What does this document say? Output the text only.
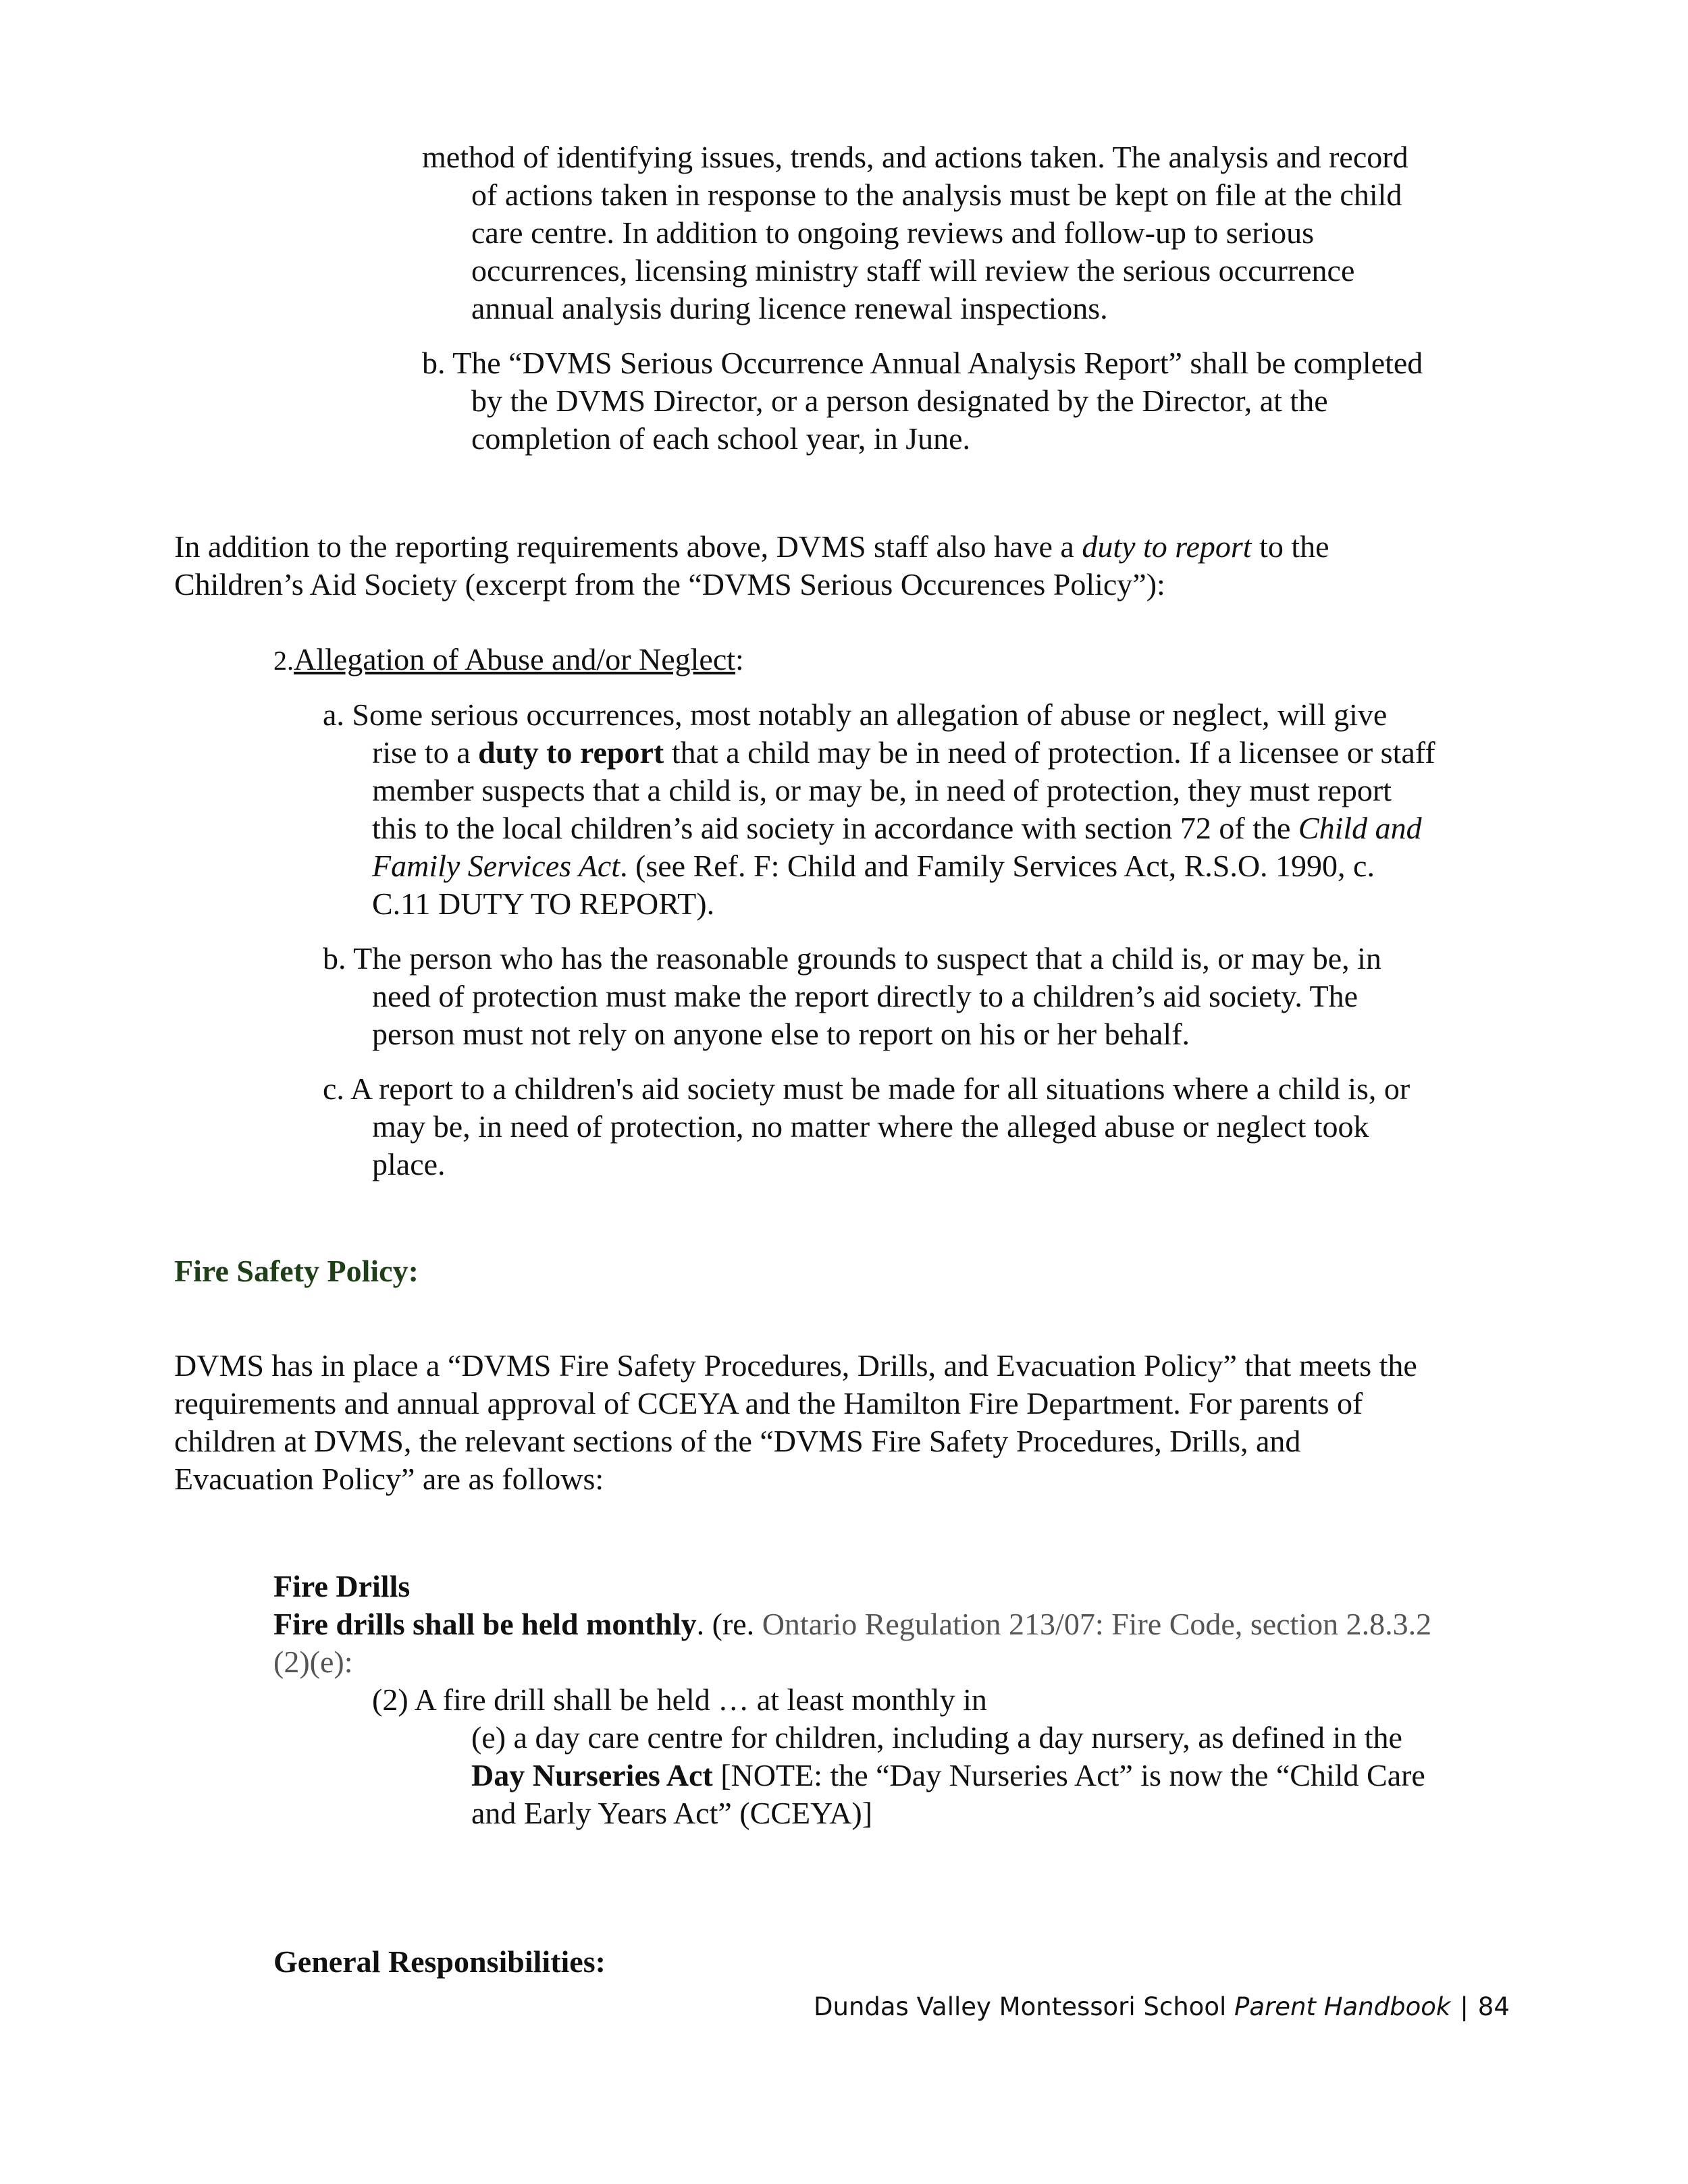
method of identifying issues, trends, and actions taken. The analysis and record

of actions taken in response to the analysis must be kept on file at the child

care centre. In addition to ongoing reviews and follow-up to serious

occurrences, licensing ministry staff will review the serious occurrence

annual analysis during licence renewal inspections.

b. The “DVMS Serious Occurrence Annual Analysis Report” shall be completed

by the DVMS Director, or a person designated by the Director, at the

completion of each school year, in June.

In addition to the reporting requirements above, DVMS staff also have a duty to report to the

Children’s Aid Society (excerpt from the “DVMS Serious Occurences Policy”):

2.Allegation of Abuse and/or Neglect:

a. Some serious occurrences, most notably an allegation of abuse or neglect, will give

rise to a duty to report that a child may be in need of protection. If a licensee or staff

member suspects that a child is, or may be, in need of protection, they must report

this to the local children’s aid society in accordance with section 72 of the Child and

Family Services Act. (see Ref. F: Child and Family Services Act, R.S.O. 1990, c.

C.11 DUTY TO REPORT).

b. The person who has the reasonable grounds to suspect that a child is, or may be, in

need of protection must make the report directly to a children’s aid society. The

person must not rely on anyone else to report on his or her behalf.

c. A report to a children's aid society must be made for all situations where a child is, or

may be, in need of protection, no matter where the alleged abuse or neglect took

place.

Fire Safety Policy:

DVMS has in place a “DVMS Fire Safety Procedures, Drills, and Evacuation Policy” that meets the

requirements and annual approval of CCEYA and the Hamilton Fire Department. For parents of

children at DVMS, the relevant sections of the “DVMS Fire Safety Procedures, Drills, and

Evacuation Policy” are as follows:

Fire Drills

Fire drills shall be held monthly. (re. Ontario Regulation 213/07: Fire Code, section 2.8.3.2

(2)(e):

(2) A fire drill shall be held … at least monthly in

(e) a day care centre for children, including a day nursery, as defined in the

Day Nurseries Act [NOTE: the “Day Nurseries Act” is now the “Child Care

and Early Years Act” (CCEYA)]

General Responsibilities:

Dundas Valley Montessori School Parent Handbook | 84
